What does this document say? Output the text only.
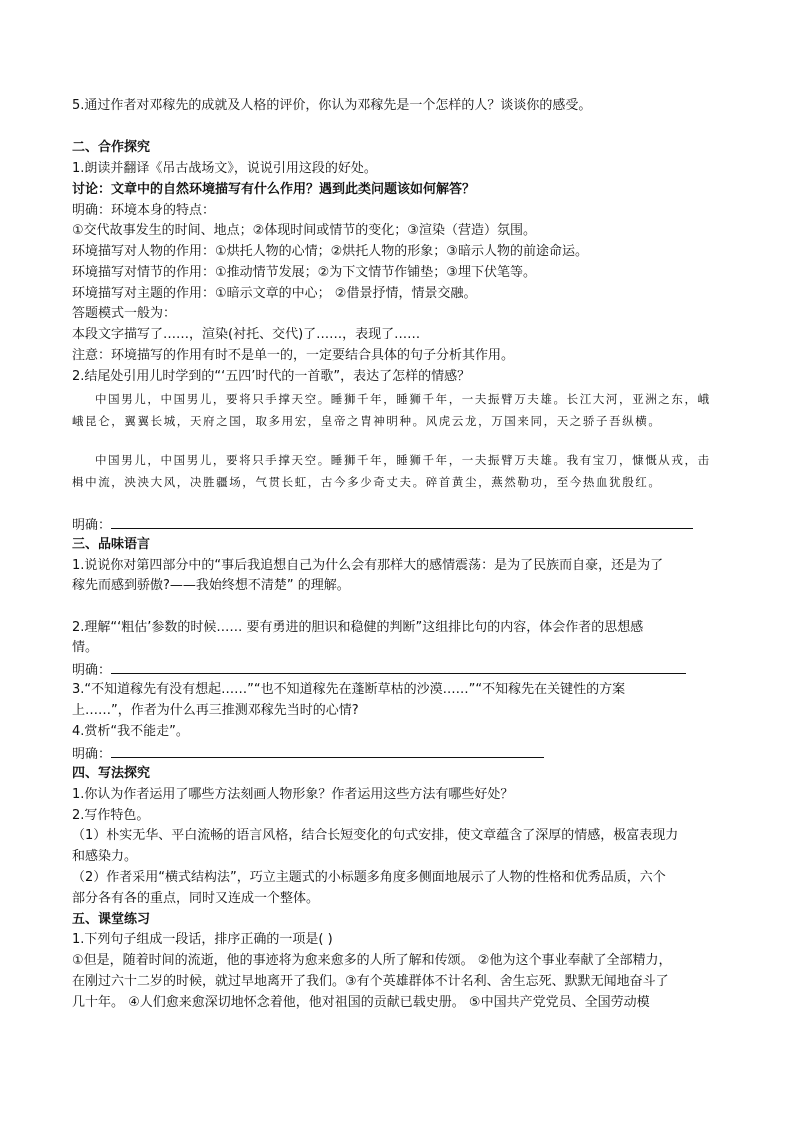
5.通过作者对邓稼先的成就及人格的评价，你认为邓稼先是一个怎样的人？谈谈你的感受。
二、合作探究
1.朗读并翻译《吊古战场文》，说说引用这段的好处。
讨论：文章中的自然环境描写有什么作用？遇到此类问题该如何解答？
明确：环境本身的特点：
①交代故事发生的时间、地点；②体现时间或情节的变化；③渲染（营造）氛围。
环境描写对人物的作用：①烘托人物的心情；②烘托人物的形象；③暗示人物的前途命运。
环境描写对情节的作用：①推动情节发展；②为下文情节作铺垫；③埋下伏笔等。
环境描写对主题的作用：①暗示文章的中心； ②借景抒情，情景交融。
答题模式一般为：
本段文字描写了……，渲染(衬托、交代)了……，表现了……
注意：环境描写的作用有时不是单一的，一定要结合具体的句子分析其作用。
2.结尾处引用儿时学到的“‘五四’时代的一首歌”，表达了怎样的情感？
中国男儿，中国男儿，要将只手撑天空。睡狮千年，睡狮千年，一夫振臂万夫雄。长江大河，亚洲之东，峨峨昆仑，翼翼长城，天府之国，取多用宏，皇帝之胄神明种。风虎云龙，万国来同，天之骄子吾纵横。
中国男儿，中国男儿，要将只手撑天空。睡狮千年，睡狮千年，一夫振臂万夫雄。我有宝刀，慷慨从戎，击楫中流，泱泱大风，决胜疆场，气贯长虹，古今多少奇丈夫。碎首黄尘，燕然勒功，至今热血犹殷红。
明确：
三、品味语言
1.说说你对第四部分中的“事后我追想自己为什么会有那样大的感情震荡：是为了民族而自豪，还是为了
稼先而感到骄傲?——我始终想不清楚” 的理解。
2.理解“‘粗估’参数的时候…… 要有勇进的胆识和稳健的判断”这组排比句的内容，体会作者的思想感
情。
明确：
3.“不知道稼先有没有想起……”“也不知道稼先在蓬断草枯的沙漠……”“不知稼先在关键性的方案
上……”，作者为什么再三推测邓稼先当时的心情?
4.赏析“我不能走”。
明确：
四、写法探究
1.你认为作者运用了哪些方法刻画人物形象？作者运用这些方法有哪些好处？
2.写作特色。
（1）朴实无华、平白流畅的语言风格，结合长短变化的句式安排，使文章蕴含了深厚的情感，极富表现力
和感染力。
（2）作者采用“横式结构法”，巧立主题式的小标题多角度多侧面地展示了人物的性格和优秀品质，六个
部分各有各的重点，同时又连成一个整体。
五、课堂练习
1.下列句子组成一段话，排序正确的一项是( )
①但是，随着时间的流逝，他的事迹将为愈来愈多的人所了解和传颂。 ②他为这个事业奉献了全部精力，
在刚过六十二岁的时候，就过早地离开了我们。③有个英雄群体不计名利、舍生忘死、默默无闻地奋斗了
几十年。 ④人们愈来愈深切地怀念着他，他对祖国的贡献已载史册。 ⑤中国共产党党员、全国劳动模
